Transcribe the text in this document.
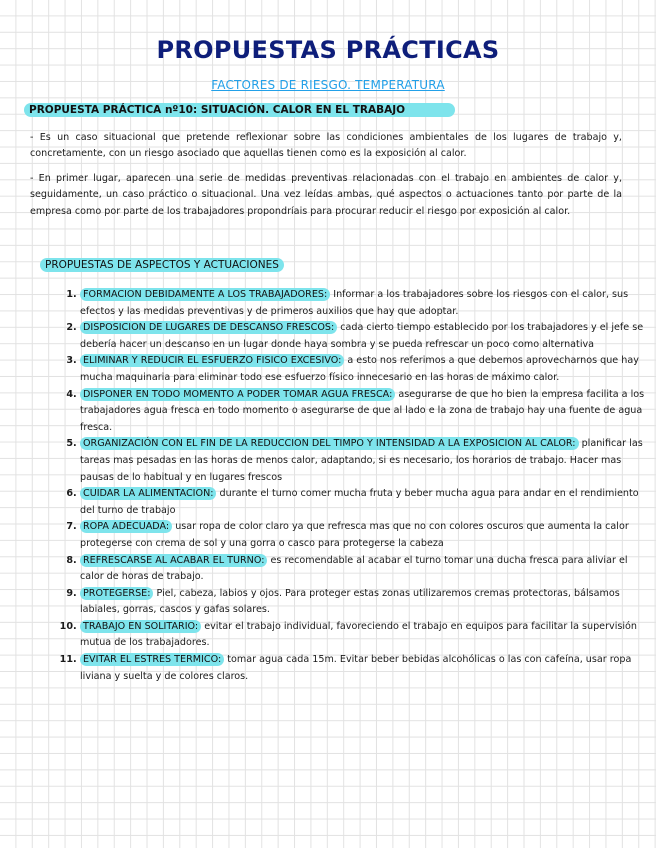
PROPUESTAS PRÁCTICAS
FACTORES DE RIESGO. TEMPERATURA
PROPUESTA PRÁCTICA nº10: SITUACIÓN. CALOR EN EL TRABAJO

- Es un caso situacional que pretende reflexionar sobre las condiciones ambientales de los lugares de trabajo y, concretamente, con un riesgo asociado que aquellas tienen como es la exposición al calor.

- En primer lugar, aparecen una serie de medidas preventivas relacionadas con el trabajo en ambientes de calor y, seguidamente, un caso práctico o situacional. Una vez leídas ambas, qué aspectos o actuaciones tanto por parte de la empresa como por parte de los trabajadores propondríais para procurar reducir el riesgo por exposición al calor.

PROPUESTAS DE ASPECTOS Y ACTUACIONES
1. FORMACION DEBIDAMENTE A LOS TRABAJADORES: Informar a los trabajadores sobre los riesgos con el calor, sus efectos y las medidas preventivas y de primeros auxilios que hay que adoptar.
2. DISPOSICION DE LUGARES DE DESCANSO FRESCOS: cada cierto tiempo establecido por los trabajadores y el jefe se debería hacer un descanso en un lugar donde haya sombra y se pueda refrescar un poco como alternativa
3. ELIMINAR Y REDUCIR EL ESFUERZO FISICO EXCESIVO: a esto nos referimos a que debemos aprovecharnos que hay mucha maquinaria para eliminar todo ese esfuerzo físico innecesario en las horas de máximo calor.
4. DISPONER EN TODO MOMENTO A PODER TOMAR AGUA FRESCA: asegurarse de que ho bien la empresa facilita a los trabajadores agua fresca en todo momento o asegurarse de que al lado e la zona de trabajo hay una fuente de agua fresca.
5. ORGANIZACIÓN CON EL FIN DE LA REDUCCION DEL TIMPO Y INTENSIDAD A LA EXPOSICION AL CALOR: planificar las tareas mas pesadas en las horas de menos calor, adaptando, si es necesario, los horarios de trabajo. Hacer mas pausas de lo habitual y en lugares frescos
6. CUIDAR LA ALIMENTACION: durante el turno comer mucha fruta y beber mucha agua para andar en el rendimiento del turno de trabajo
7. ROPA ADECUADA: usar ropa de color claro ya que refresca mas que no con colores oscuros que aumenta la calor protegerse con crema de sol y una gorra o casco para protegerse la cabeza
8. REFRESCARSE AL ACABAR EL TURNO: es recomendable al acabar el turno tomar una ducha fresca para aliviar el calor de horas de trabajo.
9. PROTEGERSE: Piel, cabeza, labios y ojos. Para proteger estas zonas utilizaremos cremas protectoras, bálsamos labiales, gorras, cascos y gafas solares.
10. TRABAJO EN SOLITARIO: evitar el trabajo individual, favoreciendo el trabajo en equipos para facilitar la supervisión mutua de los trabajadores.
11. EVITAR EL ESTRES TERMICO: tomar agua cada 15m. Evitar beber bebidas alcohólicas o las con cafeína, usar ropa liviana y suelta y de colores claros.
